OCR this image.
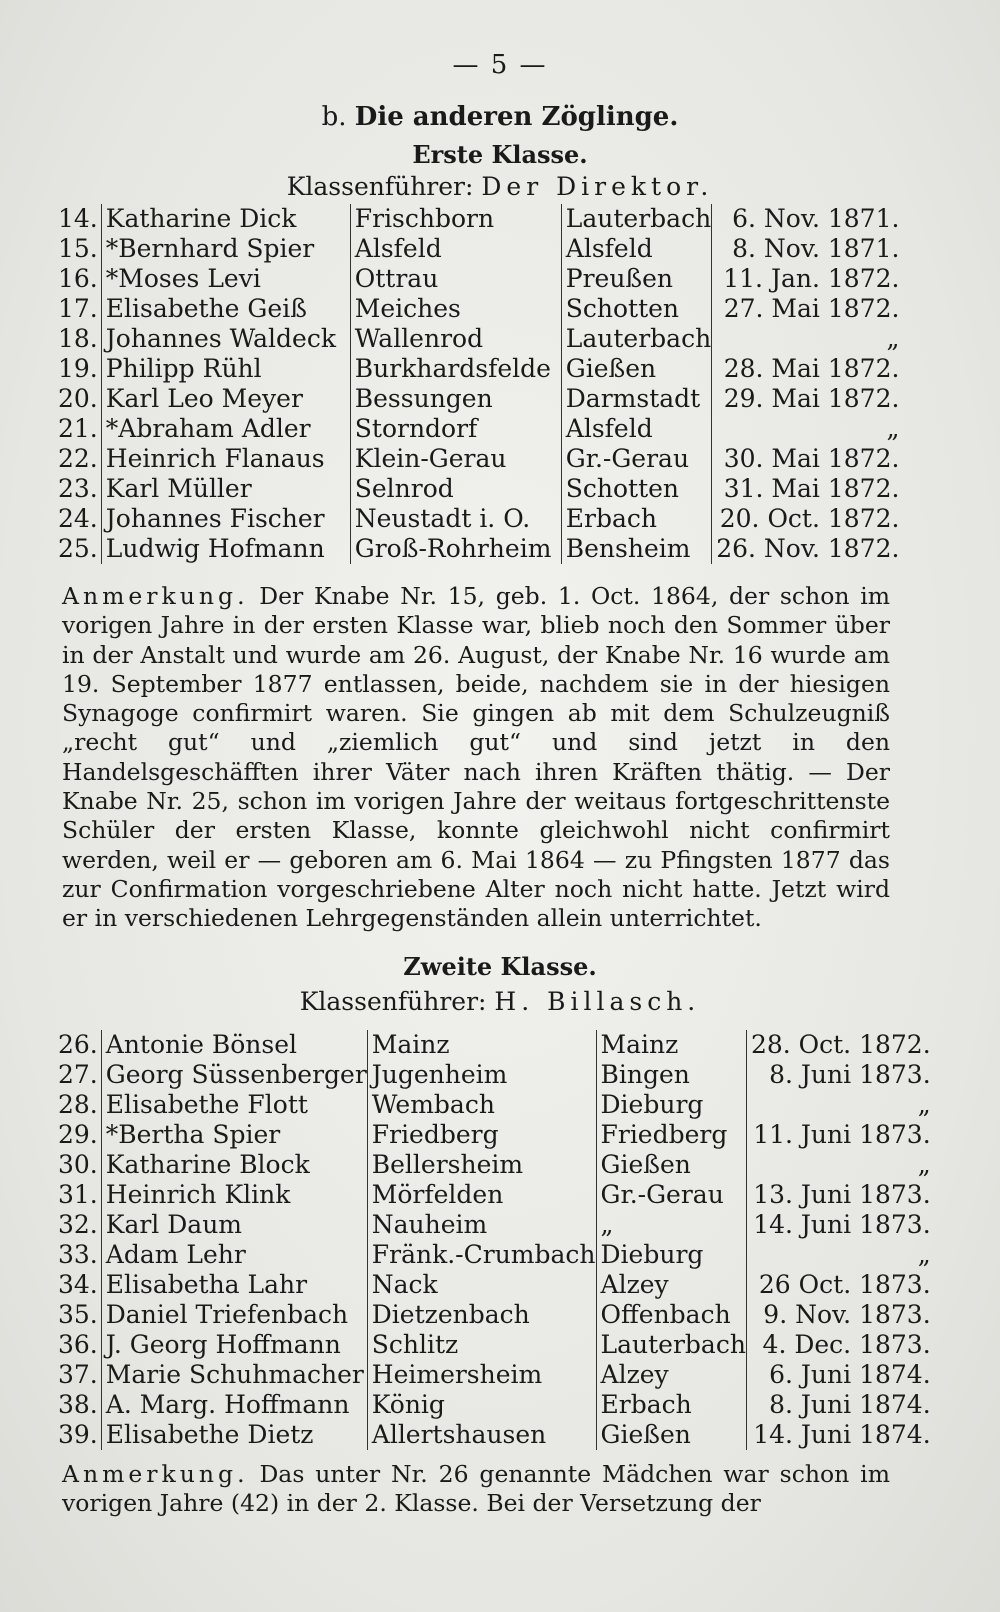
— 5 —
b. Die anderen Zöglinge.
Erste Klasse.
Klassenführer: Der Direktor.
14.	Katharine Dick	Frischborn	Lauterbach	6. Nov. 1871.
15.	*Bernhard Spier	Alsfeld	Alsfeld	8. Nov. 1871.
16.	*Moses Levi	Ottrau	Preußen	11. Jan. 1872.
17.	Elisabethe Geiß	Meiches	Schotten	27. Mai 1872.
18.	Johannes Waldeck	Wallenrod	Lauterbach	„
19.	Philipp Rühl	Burkhardsfelde	Gießen	28. Mai 1872.
20.	Karl Leo Meyer	Bessungen	Darmstadt	29. Mai 1872.
21.	*Abraham Adler	Storndorf	Alsfeld	„
22.	Heinrich Flanaus	Klein-Gerau	Gr.-Gerau	30. Mai 1872.
23.	Karl Müller	Selnrod	Schotten	31. Mai 1872.
24.	Johannes Fischer	Neustadt i. O.	Erbach	20. Oct. 1872.
25.	Ludwig Hofmann	Groß-Rohrheim	Bensheim	26. Nov. 1872.
Anmerkung. Der Knabe Nr. 15, geb. 1. Oct. 1864, der schon im vorigen Jahre in der ersten Klasse war, blieb noch den Sommer über in der Anstalt und wurde am 26. August, der Knabe Nr. 16 wurde am 19. September 1877 entlassen, beide, nachdem sie in der hiesigen Synagoge confirmirt waren. Sie gingen ab mit dem Schulzeugniß „recht gut“ und „ziemlich gut“ und sind jetzt in den Handelsgeschäfften ihrer Väter nach ihren Kräften thätig. — Der Knabe Nr. 25, schon im vorigen Jahre der weitaus fortgeschrittenste Schüler der ersten Klasse, konnte gleichwohl nicht confirmirt werden, weil er — geboren am 6. Mai 1864 — zu Pfingsten 1877 das zur Confirmation vorgeschriebene Alter noch nicht hatte. Jetzt wird er in verschiedenen Lehrgegenständen allein unterrichtet.
Zweite Klasse.
Klassenführer: H. Billasch.
26.	Antonie Bönsel	Mainz	Mainz	28. Oct. 1872.
27.	Georg Süssenberger	Jugenheim	Bingen	8. Juni 1873.
28.	Elisabethe Flott	Wembach	Dieburg	„
29.	*Bertha Spier	Friedberg	Friedberg	11. Juni 1873.
30.	Katharine Block	Bellersheim	Gießen	„
31.	Heinrich Klink	Mörfelden	Gr.-Gerau	13. Juni 1873.
32.	Karl Daum	Nauheim	„	14. Juni 1873.
33.	Adam Lehr	Fränk.-Crumbach	Dieburg	„
34.	Elisabetha Lahr	Nack	Alzey	26 Oct. 1873.
35.	Daniel Triefenbach	Dietzenbach	Offenbach	9. Nov. 1873.
36.	J. Georg Hoffmann	Schlitz	Lauterbach	4. Dec. 1873.
37.	Marie Schuhmacher	Heimersheim	Alzey	6. Juni 1874.
38.	A. Marg. Hoffmann	König	Erbach	8. Juni 1874.
39.	Elisabethe Dietz	Allertshausen	Gießen	14. Juni 1874.
Anmerkung. Das unter Nr. 26 genannte Mädchen war schon im vorigen Jahre (42) in der 2. Klasse. Bei der Versetzung der
